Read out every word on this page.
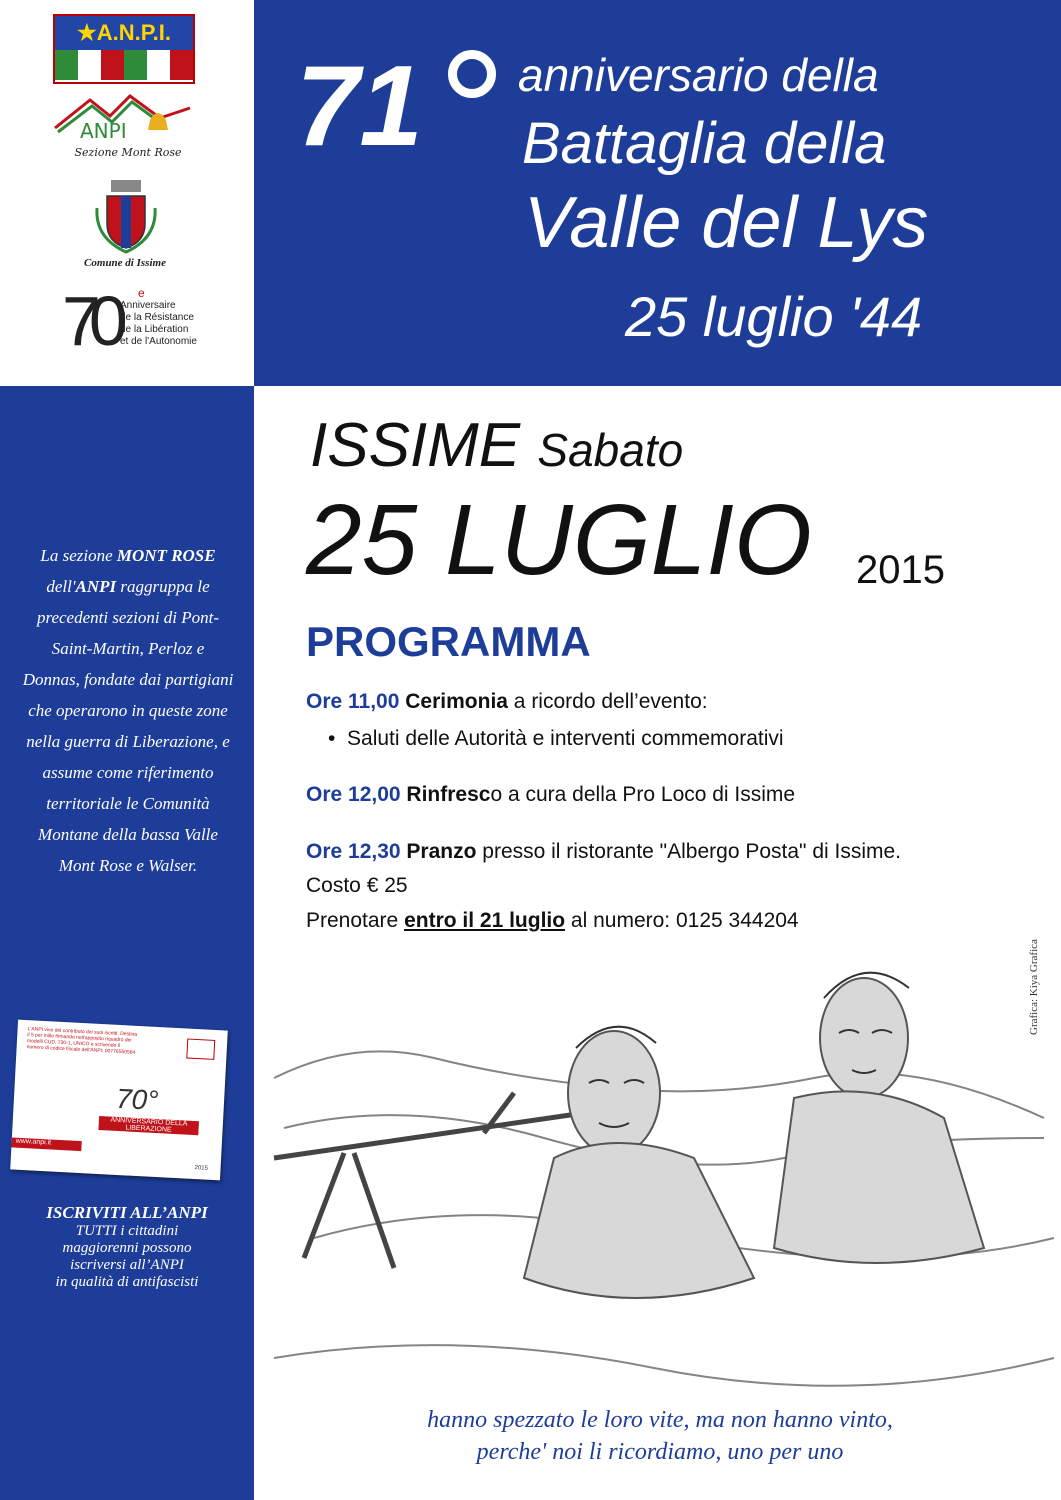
★A.N.P.I.
ANPI
Sezione Mont Rose
Comune di Issime
70 e
Anniversaire
de la Résistance
de la Libération
et de l'Autonomie
71 anniversario della
Battaglia della
Valle del Lys
25 luglio '44
La sezione MONT ROSE dell'ANPI raggruppa le precedenti sezioni di Pont-Saint-Martin, Perloz e Donnas, fondate dai partigiani che operarono in queste zone nella guerra di Liberazione, e assume come riferimento territoriale le Comunità Montane della bassa Valle Mont Rose e Walser.
L'ANPI vive del contributo dei suoi iscritti. Destina il 5 per mille firmando nell'apposito riquadro dei modelli CUD, 730-1, UNICO e scrivendo il numero di codice fiscale dell'ANPI: 00776550584
70°
ANNIVERSARIO DELLA LIBERAZIONE
www.anpi.it
2015
ISCRIVITI ALL’ANPI
TUTTI i cittadini
maggiorenni possono
iscriversi all’ANPI
in qualità di antifascisti
ISSIME Sabato
25 LUGLIO 2015
PROGRAMMA
Ore 11,00 Cerimonia a ricordo dell’evento:
•  Saluti delle Autorità e interventi commemorativi
Ore 12,00 Rinfresco a cura della Pro Loco di Issime
Ore 12,30 Pranzo presso il ristorante "Albergo Posta" di Issime.
Costo € 25
Prenotare entro il 21 luglio al numero: 0125 344204
Grafica: Kiya Grafica
hanno spezzato le loro vite, ma non hanno vinto,
perche' noi li ricordiamo, uno per uno
